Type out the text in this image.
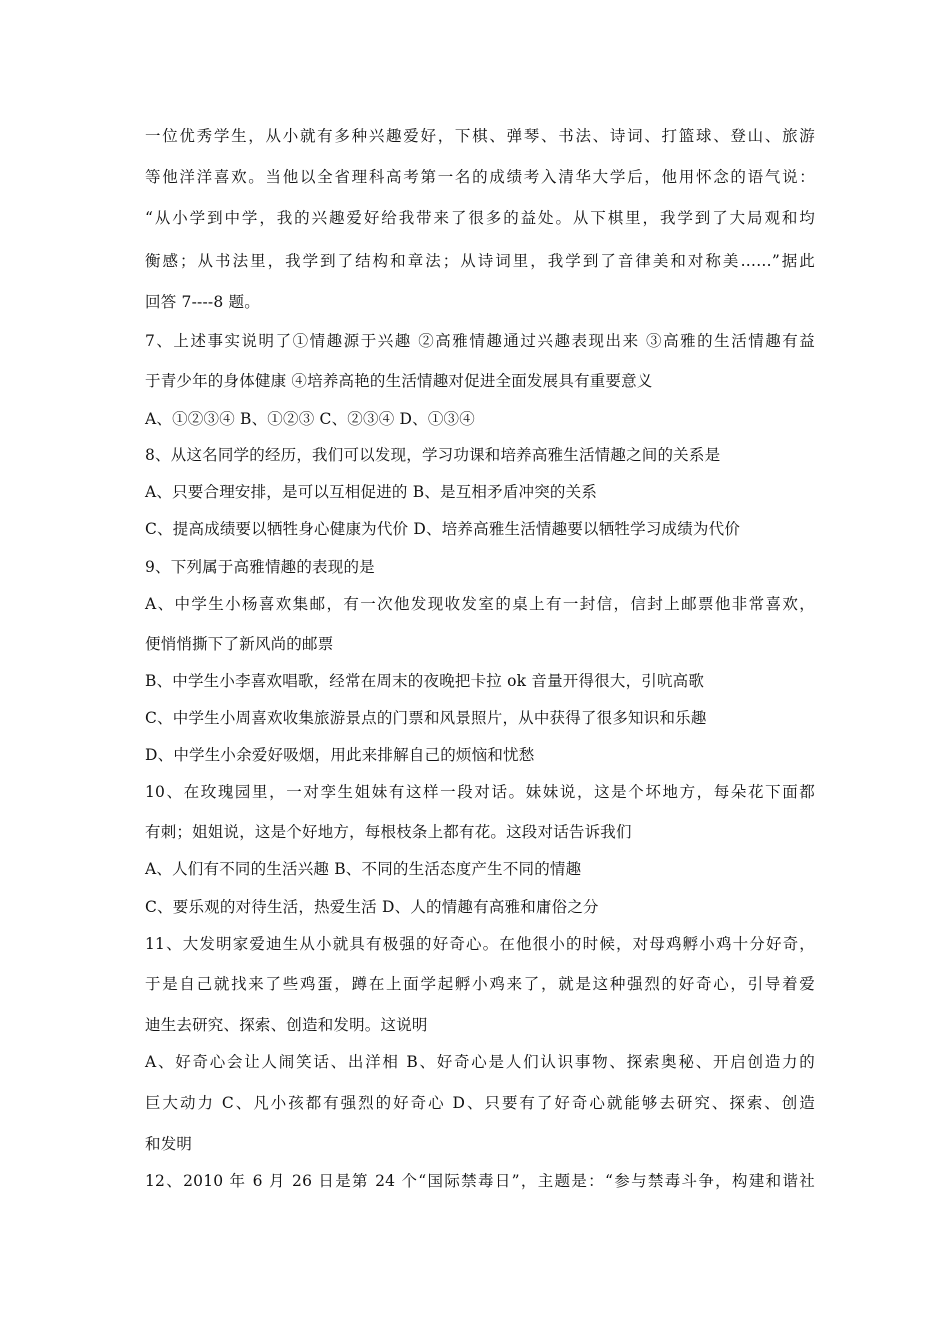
一位优秀学生，从小就有多种兴趣爱好，下棋、弹琴、书法、诗词、打篮球、登山、旅游
等他洋洋喜欢。当他以全省理科高考第一名的成绩考入清华大学后，他用怀念的语气说：
“从小学到中学，我的兴趣爱好给我带来了很多的益处。从下棋里，我学到了大局观和均
衡感；从书法里，我学到了结构和章法；从诗词里，我学到了音律美和对称美……”据此
回答 7----8 题。
7、上述事实说明了①情趣源于兴趣 ②高雅情趣通过兴趣表现出来 ③高雅的生活情趣有益
于青少年的身体健康 ④培养高艳的生活情趣对促进全面发展具有重要意义
A、①②③④ B、①②③ C、②③④ D、①③④
8、从这名同学的经历，我们可以发现，学习功课和培养高雅生活情趣之间的关系是
A、只要合理安排，是可以互相促进的 B、是互相矛盾冲突的关系
C、提高成绩要以牺牲身心健康为代价 D、培养高雅生活情趣要以牺牲学习成绩为代价
9、下列属于高雅情趣的表现的是
A、中学生小杨喜欢集邮，有一次他发现收发室的桌上有一封信，信封上邮票他非常喜欢，
便悄悄撕下了新风尚的邮票
B、中学生小李喜欢唱歌，经常在周末的夜晚把卡拉 ok 音量开得很大，引吭高歌
C、中学生小周喜欢收集旅游景点的门票和风景照片，从中获得了很多知识和乐趣
D、中学生小余爱好吸烟，用此来排解自己的烦恼和忧愁
10、在玫瑰园里，一对孪生姐妹有这样一段对话。妹妹说，这是个坏地方，每朵花下面都
有刺；姐姐说，这是个好地方，每根枝条上都有花。这段对话告诉我们
A、人们有不同的生活兴趣 B、不同的生活态度产生不同的情趣
C、要乐观的对待生活，热爱生活 D、人的情趣有高雅和庸俗之分
11、大发明家爱迪生从小就具有极强的好奇心。在他很小的时候，对母鸡孵小鸡十分好奇，
于是自己就找来了些鸡蛋，蹲在上面学起孵小鸡来了，就是这种强烈的好奇心，引导着爱
迪生去研究、探索、创造和发明。这说明
A、好奇心会让人闹笑话、出洋相 B、好奇心是人们认识事物、探索奥秘、开启创造力的
巨大动力 C、凡小孩都有强烈的好奇心 D、只要有了好奇心就能够去研究、探索、创造
和发明
12、2010 年 6 月 26 日是第 24 个“国际禁毒日”，主题是：“参与禁毒斗争，构建和谐社
